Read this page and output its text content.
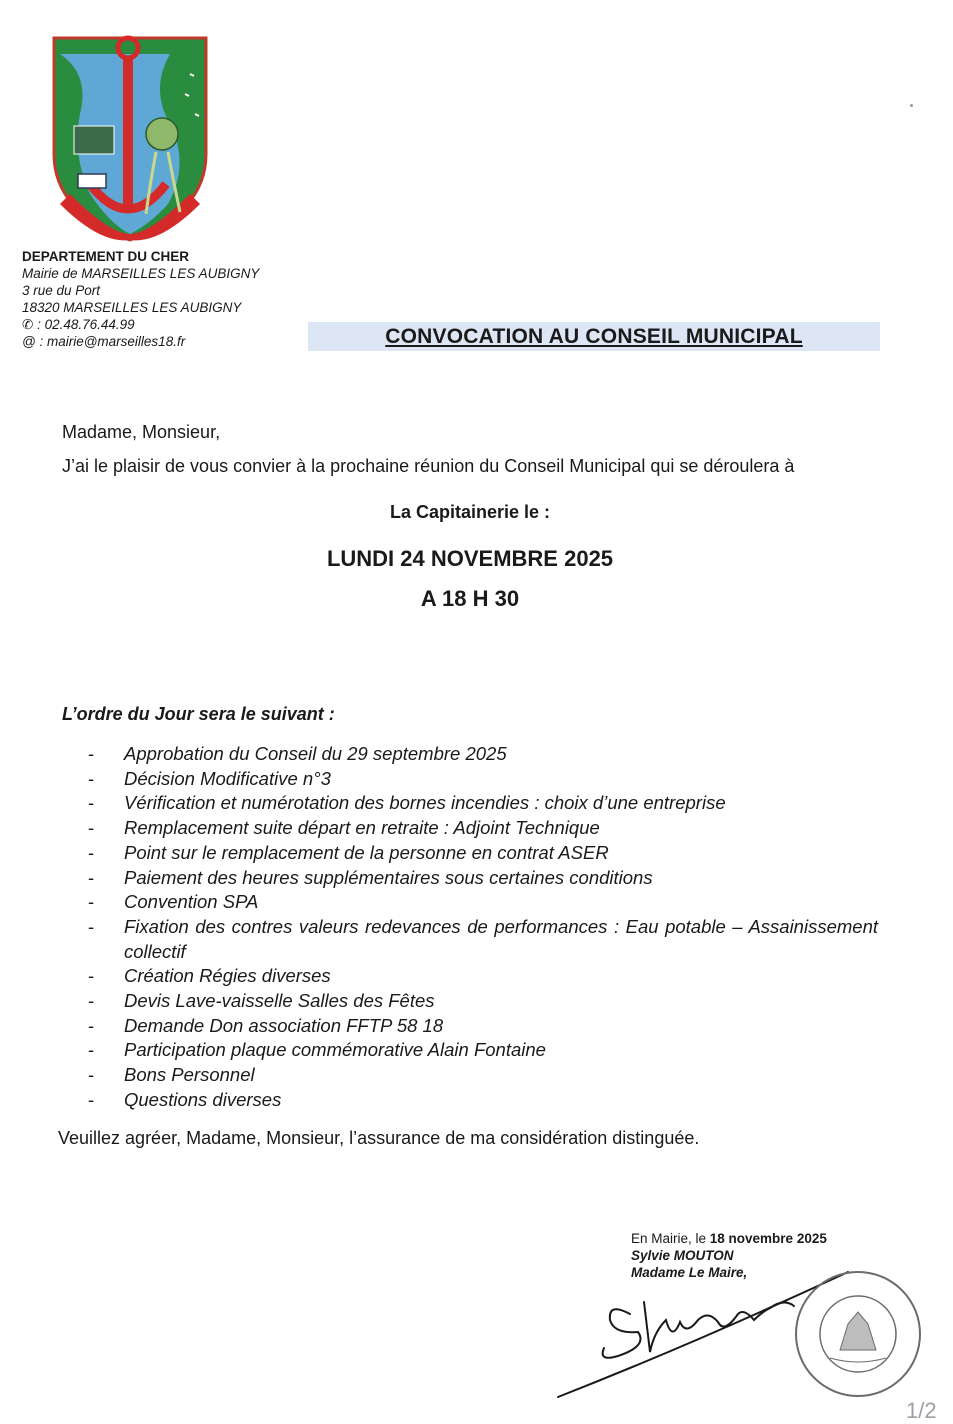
DEPARTEMENT DU CHER
Mairie de MARSEILLES LES AUBIGNY
3 rue du Port
18320 MARSEILLES LES AUBIGNY
✆ : 02.48.76.44.99
@ : mairie@marseilles18.fr	CONVOCATION AU CONSEIL MUNICIPAL
Madame, Monsieur,
J’ai le plaisir de vous convier à la prochaine réunion du Conseil Municipal qui se déroulera à
La Capitainerie le :
LUNDI 24 NOVEMBRE 2025
A 18 H 30
L’ordre du Jour sera le suivant :
- Approbation du Conseil du 29 septembre 2025
- Décision Modificative n°3
- Vérification et numérotation des bornes incendies : choix d’une entreprise
- Remplacement suite départ en retraite : Adjoint Technique
- Point sur le remplacement de la personne en contrat ASER
- Paiement des heures supplémentaires sous certaines conditions
- Convention SPA
- Fixation des contres valeurs redevances de performances : Eau potable – Assainissement collectif
- Création Régies diverses
- Devis Lave-vaisselle Salles des Fêtes
- Demande Don association FFTP 58 18
- Participation plaque commémorative Alain Fontaine
- Bons Personnel
- Questions diverses
Veuillez agréer, Madame, Monsieur, l’assurance de ma considération distinguée.
En Mairie, le 18 novembre 2025
Sylvie MOUTON
Madame Le Maire,
1/2
